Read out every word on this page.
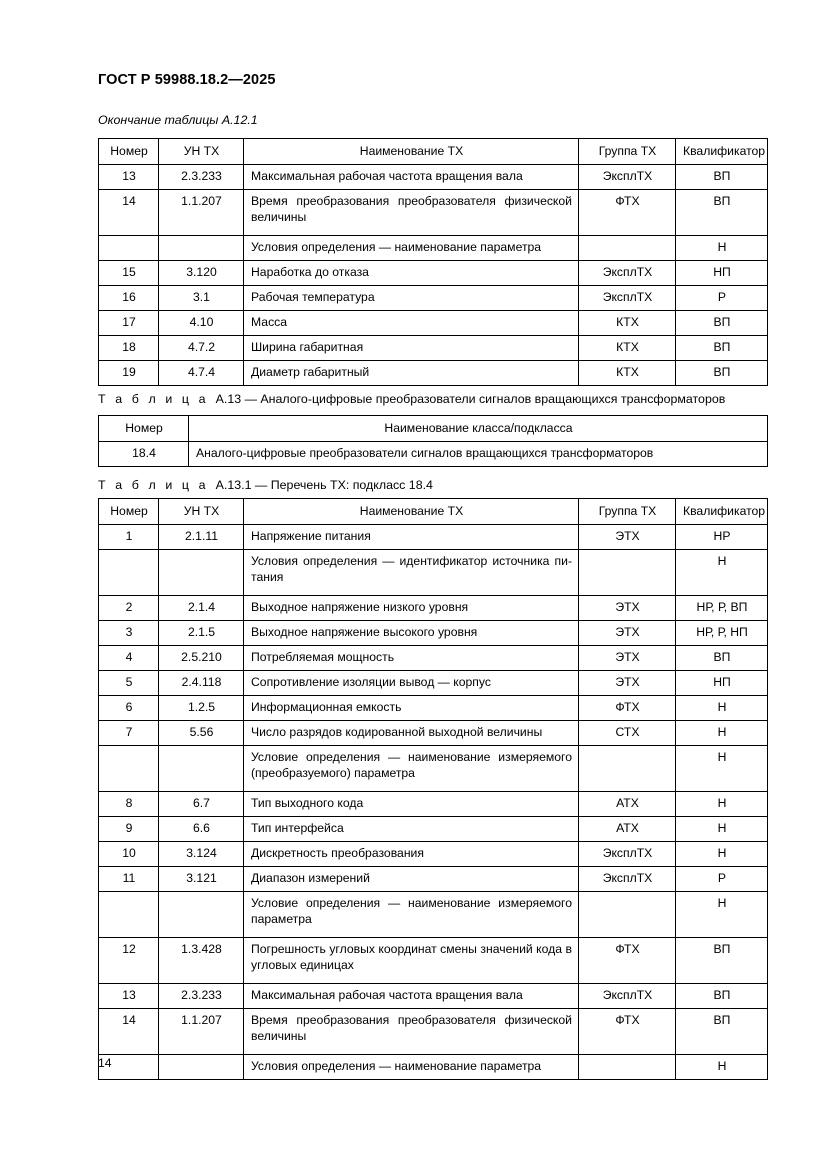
ГОСТ Р 59988.18.2—2025
Окончание таблицы А.12.1
Номер	УН ТХ	Наименование ТХ	Группа ТХ	Квалификатор

13	2.3.233	Максимальная рабочая частота вращения вала	ЭксплТХ	ВП

14	1.1.207	Время преобразования преобразователя физической величины	ФТХ	ВП

		Условия определения — наименование параметра		Н

15	3.120	Наработка до отказа	ЭксплТХ	НП

16	3.1	Рабочая температура	ЭксплТХ	Р

17	4.10	Масса	КТХ	ВП

18	4.7.2	Ширина габаритная	КТХ	ВП

19	4.7.4	Диаметр габаритный	КТХ	ВП
Т а б л и ц а А.13 — Аналого-цифровые преобразователи сигналов вращающихся трансформаторов
Номер	Наименование класса/подкласса

18.4	Аналого-цифровые преобразователи сигналов вращающихся трансформаторов
Т а б л и ц а А.13.1 — Перечень ТХ: подкласс 18.4
Номер	УН ТХ	Наименование ТХ	Группа ТХ	Квалификатор

1	2.1.11	Напряжение питания	ЭТХ	НР

		Условия определения — идентификатор источника питания		Н

2	2.1.4	Выходное напряжение низкого уровня	ЭТХ	НР, Р, ВП

3	2.1.5	Выходное напряжение высокого уровня	ЭТХ	НР, Р, НП

4	2.5.210	Потребляемая мощность	ЭТХ	ВП

5	2.4.118	Сопротивление изоляции вывод — корпус	ЭТХ	НП

6	1.2.5	Информационная емкость	ФТХ	Н

7	5.56	Число разрядов кодированной выходной величины	СТХ	Н

		Условие определения — наименование измеряемого (преобразуемого) параметра		Н

8	6.7	Тип выходного кода	АТХ	Н

9	6.6	Тип интерфейса	АТХ	Н

10	3.124	Дискретность преобразования	ЭксплТХ	Н

11	3.121	Диапазон измерений	ЭксплТХ	Р

		Условие определения — наименование измеряемого параметра		Н

12	1.3.428	Погрешность угловых координат смены значений кода в угловых единицах	ФТХ	ВП

13	2.3.233	Максимальная рабочая частота вращения вала	ЭксплТХ	ВП

14	1.1.207	Время преобразования преобразователя физической величины	ФТХ	ВП

		Условия определения — наименование параметра		Н
14
